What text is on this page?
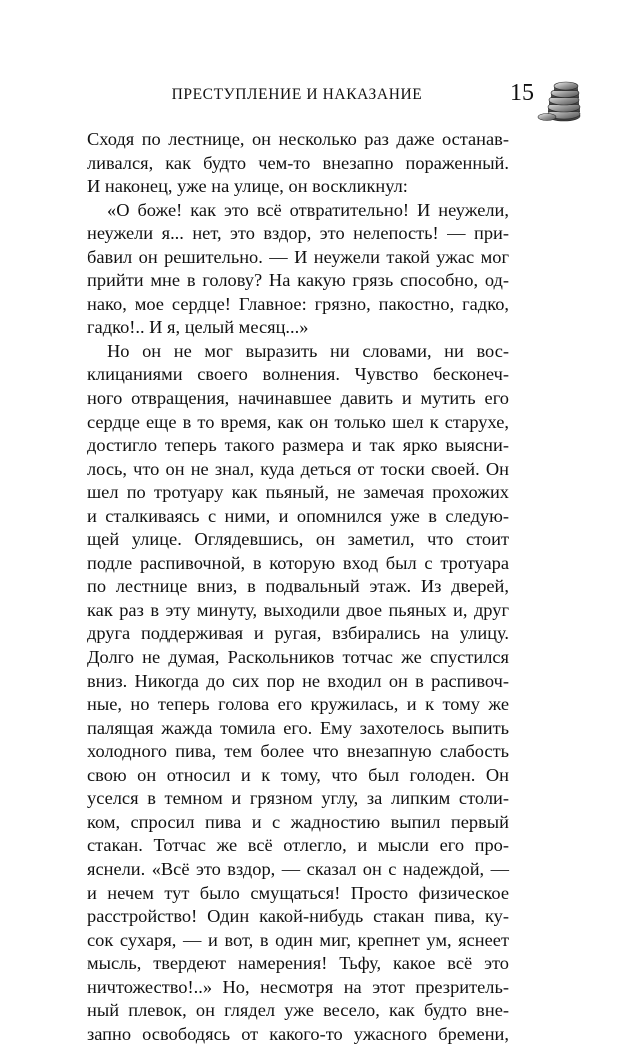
ПРЕСТУПЛЕНИЕ И НАКАЗАНИЕ	15
Сходя по лестнице, он несколько раз даже останав-
ливался, как будто чем-то внезапно пораженный.
И наконец, уже на улице, он воскликнул:
«О боже! как это всё отвратительно! И неужели,
неужели я... нет, это вздор, это нелепость! — при-
бавил он решительно. — И неужели такой ужас мог
прийти мне в голову? На какую грязь способно, од-
нако, мое сердце! Главное: грязно, пакостно, гадко,
гадко!.. И я, целый месяц...»
Но он не мог выразить ни словами, ни вос-
клицаниями своего волнения. Чувство бесконеч-
ного отвращения, начинавшее давить и мутить его
сердце еще в то время, как он только шел к старухе,
достигло теперь такого размера и так ярко выясни-
лось, что он не знал, куда деться от тоски своей. Он
шел по тротуару как пьяный, не замечая прохожих
и сталкиваясь с ними, и опомнился уже в следую-
щей улице. Оглядевшись, он заметил, что стоит
подле распивочной, в которую вход был с тротуара
по лестнице вниз, в подвальный этаж. Из дверей,
как раз в эту минуту, выходили двое пьяных и, друг
друга поддерживая и ругая, взбирались на улицу.
Долго не думая, Раскольников тотчас же спустился
вниз. Никогда до сих пор не входил он в распивоч-
ные, но теперь голова его кружилась, и к тому же
палящая жажда томила его. Ему захотелось выпить
холодного пива, тем более что внезапную слабость
свою он относил и к тому, что был голоден. Он
уселся в темном и грязном углу, за липким столи-
ком, спросил пива и с жадностию выпил первый
стакан. Тотчас же всё отлегло, и мысли его про-
яснели. «Всё это вздор, — сказал он с надеждой, —
и нечем тут было смущаться! Просто физическое
расстройство! Один какой-нибудь стакан пива, ку-
сок сухаря, — и вот, в один миг, крепнет ум, яснеет
мысль, твердеют намерения! Тьфу, какое всё это
ничтожество!..» Но, несмотря на этот презритель-
ный плевок, он глядел уже весело, как будто вне-
запно освободясь от какого-то ужасного бремени,
